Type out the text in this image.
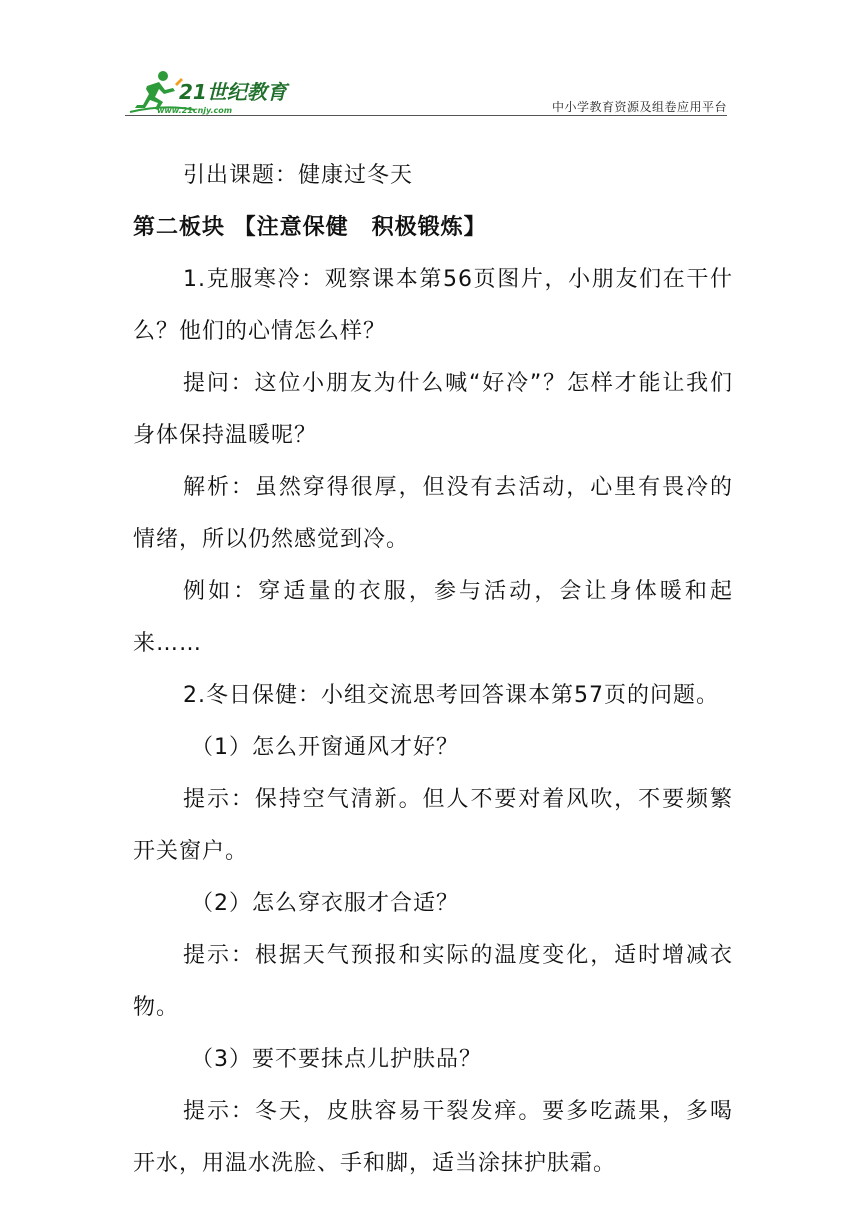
21世纪教育
www.21cnjy.com	中小学教育资源及组卷应用平台

引出课题：健康过冬天

第二板块 【注意保健　积极锻炼】

1.克服寒冷：观察课本第56页图片，小朋友们在干什么？他们的心情怎么样？

提问：这位小朋友为什么喊“好冷”？怎样才能让我们身体保持温暖呢？

解析：虽然穿得很厚，但没有去活动，心里有畏冷的情绪，所以仍然感觉到冷。

例如：穿适量的衣服，参与活动，会让身体暖和起来……

2.冬日保健：小组交流思考回答课本第57页的问题。

（1）怎么开窗通风才好？

提示：保持空气清新。但人不要对着风吹，不要频繁开关窗户。

（2）怎么穿衣服才合适？

提示：根据天气预报和实际的温度变化，适时增减衣物。

（3）要不要抹点儿护肤品？

提示：冬天，皮肤容易干裂发痒。要多吃蔬果，多喝开水，用温水洗脸、手和脚，适当涂抹护肤霜。
